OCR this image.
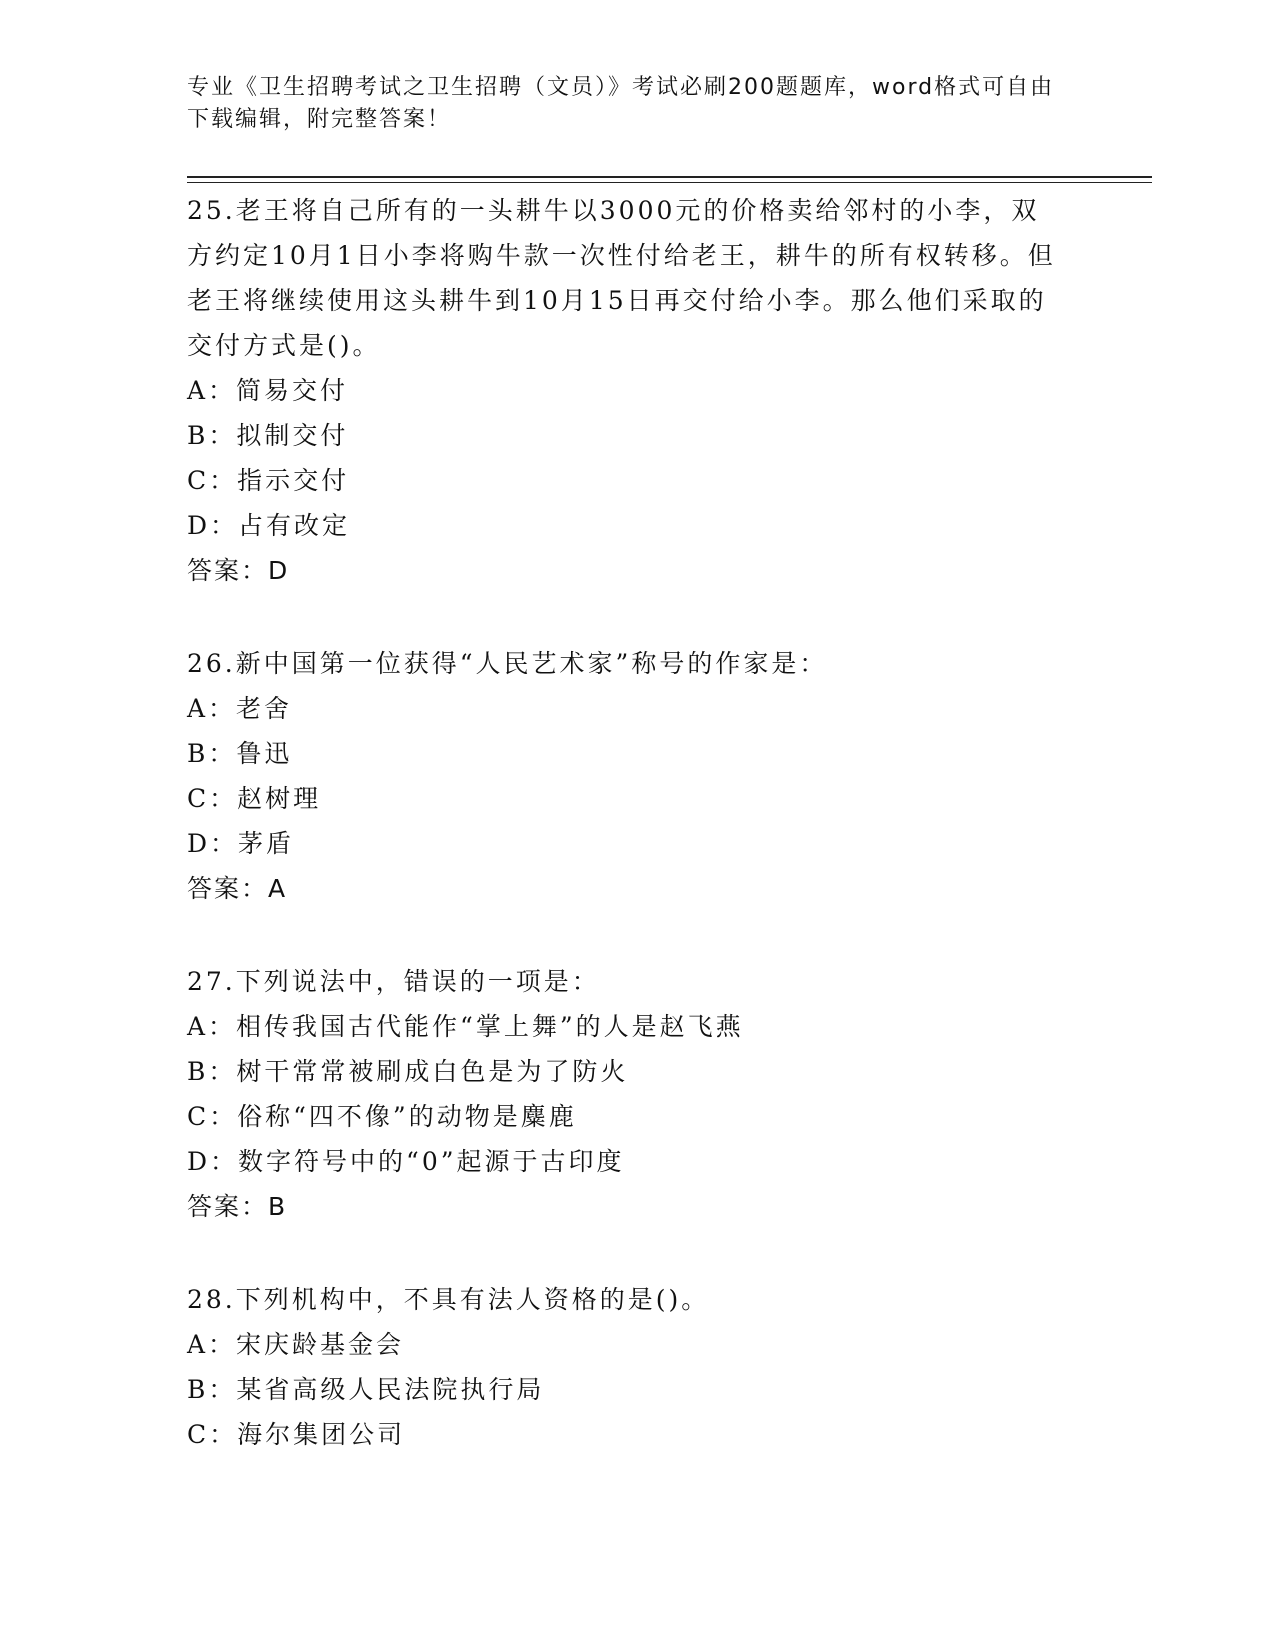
专业《卫生招聘考试之卫生招聘（文员）》考试必刷200题题库，word格式可自由下载编辑，附完整答案！
25.老王将自己所有的一头耕牛以3000元的价格卖给邻村的小李，双方约定10月1日小李将购牛款一次性付给老王，耕牛的所有权转移。但老王将继续使用这头耕牛到10月15日再交付给小李。那么他们采取的交付方式是()。
A：简易交付
B：拟制交付
C：指示交付
D：占有改定
答案：D
26.新中国第一位获得“人民艺术家”称号的作家是：
A：老舍
B：鲁迅
C：赵树理
D：茅盾
答案：A
27.下列说法中，错误的一项是：
A：相传我国古代能作“掌上舞”的人是赵飞燕
B：树干常常被刷成白色是为了防火
C：俗称“四不像”的动物是麋鹿
D：数字符号中的“0”起源于古印度
答案：B
28.下列机构中，不具有法人资格的是()。
A：宋庆龄基金会
B：某省高级人民法院执行局
C：海尔集团公司
